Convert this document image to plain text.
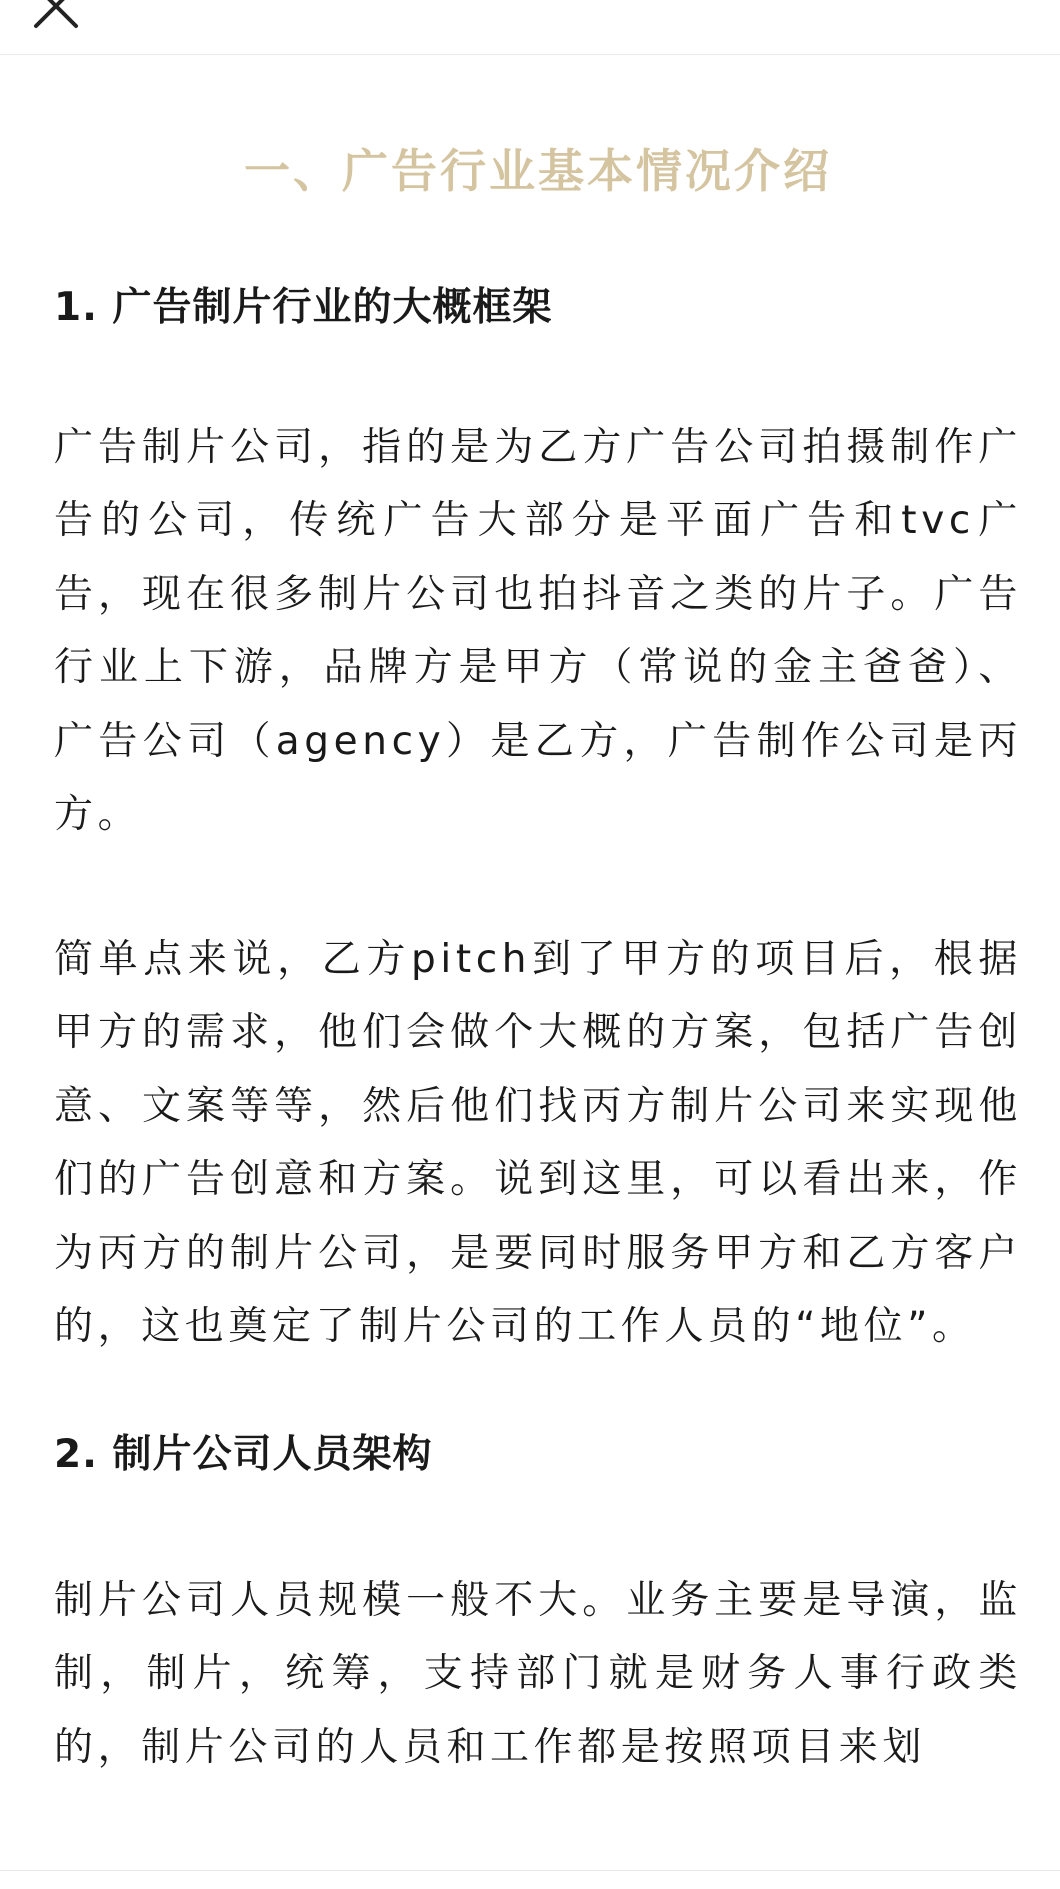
一、广告行业基本情况介绍
1. 广告制片行业的大概框架

广告制片公司，指的是为乙方广告公司拍摄制作广告的公司，传统广告大部分是平面广告和tvc广告，现在很多制片公司也拍抖音之类的片子。广告行业上下游，品牌方是甲方（常说的金主爸爸）、广告公司（agency）是乙方，广告制作公司是丙方。

简单点来说，乙方pitch到了甲方的项目后，根据甲方的需求，他们会做个大概的方案，包括广告创意、文案等等，然后他们找丙方制片公司来实现他们的广告创意和方案。说到这里，可以看出来，作为丙方的制片公司，是要同时服务甲方和乙方客户的，这也奠定了制片公司的工作人员的“地位”。

2. 制片公司人员架构

制片公司人员规模一般不大。业务主要是导演，监制，制片，统筹，支持部门就是财务人事行政类的，制片公司的人员和工作都是按照项目来划
